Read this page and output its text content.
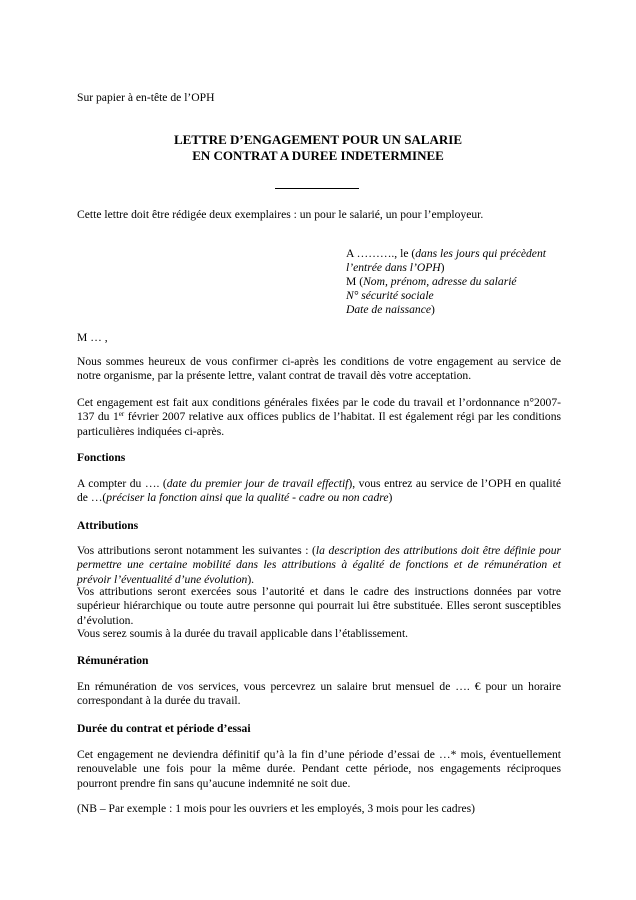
Sur papier à en-tête de l’OPH
LETTRE D’ENGAGEMENT POUR UN SALARIE
EN CONTRAT A DUREE INDETERMINEE
Cette lettre doit être rédigée deux exemplaires : un pour le salarié, un pour l’employeur.
A ………., le (dans les jours qui précèdent
l’entrée dans l’OPH)
M (Nom, prénom, adresse du salarié
N° sécurité sociale
Date de naissance)
M … ,
Nous sommes heureux de vous confirmer ci-après les conditions de votre engagement au service de notre organisme, par la présente lettre, valant contrat de travail dès votre acceptation.
Cet engagement est fait aux conditions générales fixées par le code du travail et l’ordonnance n°2007-137 du 1er février 2007 relative aux offices publics de l’habitat. Il est également régi par les conditions particulières indiquées ci-après.
Fonctions
A compter du …. (date du premier jour de travail effectif), vous entrez au service de l’OPH en qualité de …(préciser la fonction ainsi que la qualité - cadre ou non cadre)
Attributions
Vos attributions seront notamment les suivantes : (la description des attributions doit être définie pour permettre une certaine mobilité dans les attributions à égalité de fonctions et de rémunération et prévoir l’éventualité d’une évolution).
Vos attributions seront exercées sous l’autorité et dans le cadre des instructions données par votre supérieur hiérarchique ou toute autre personne qui pourrait lui être substituée. Elles seront susceptibles d’évolution.
Vous serez soumis à la durée du travail applicable dans l’établissement.
Rémunération
En rémunération de vos services, vous percevrez un salaire brut mensuel de …. € pour un horaire correspondant à la durée du travail.
Durée du contrat et période d’essai
Cet engagement ne deviendra définitif qu’à la fin d’une période d’essai de …* mois, éventuellement renouvelable une fois pour la même durée. Pendant cette période, nos engagements réciproques pourront prendre fin sans qu’aucune indemnité ne soit due.
(NB – Par exemple : 1 mois pour les ouvriers et les employés, 3 mois pour les cadres)
